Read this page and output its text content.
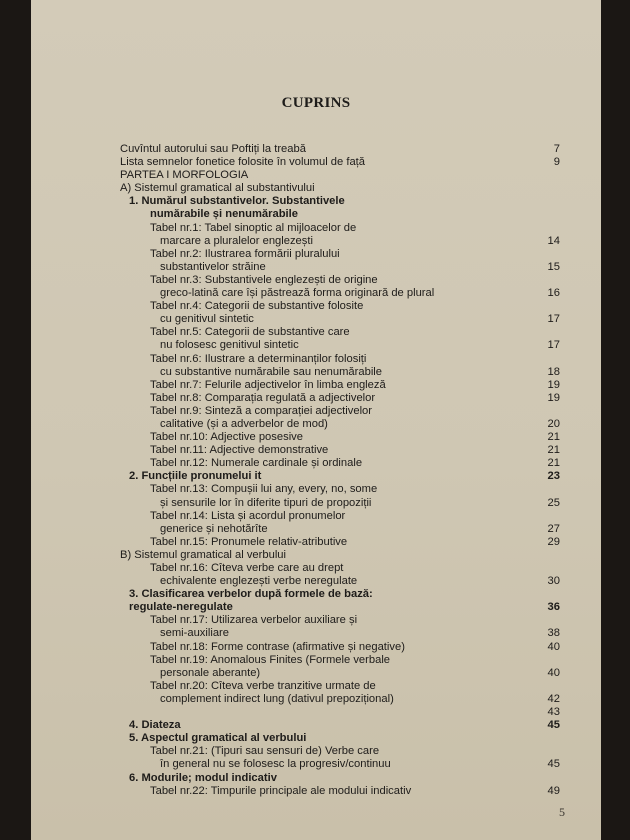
CUPRINS
Cuvîntul autorului sau Poftiți la treabă	7
Lista semnelor fonetice folosite în volumul de față	9
PARTEA I MORFOLOGIA
A) Sistemul gramatical al substantivului
1. Numărul substantivelor. Substantivele
numărabile și nenumărabile
Tabel nr.1: Tabel sinoptic al mijloacelor de
marcare a pluralelor englezești	14
Tabel nr.2: Ilustrarea formării pluralului
substantivelor străine	15
Tabel nr.3: Substantivele englezești de origine
greco-latină care își păstrează forma originară de plural	16
Tabel nr.4: Categorii de substantive folosite
cu genitivul sintetic	17
Tabel nr.5: Categorii de substantive care
nu folosesc genitivul sintetic	17
Tabel nr.6: Ilustrare a determinanților folosiți
cu substantive numărabile sau nenumărabile	18
Tabel nr.7: Felurile adjectivelor în limba engleză	19
Tabel nr.8: Comparația regulată a adjectivelor	19
Tabel nr.9: Sinteză a comparației adjectivelor
calitative (și a adverbelor de mod)	20
Tabel nr.10: Adjective posesive	21
Tabel nr.11: Adjective demonstrative	21
Tabel nr.12: Numerale cardinale și ordinale	21
2. Funcțiile pronumelui it	23
Tabel nr.13: Compușii lui any, every, no, some
și sensurile lor în diferite tipuri de propoziții	25
Tabel nr.14: Lista și acordul pronumelor
generice și nehotărîte	27
Tabel nr.15: Pronumele relativ-atributive	29
B) Sistemul gramatical al verbului
Tabel nr.16: Cîteva verbe care au drept
echivalente englezești verbe neregulate	30
3. Clasificarea verbelor după formele de bază:
regulate-neregulate	36
Tabel nr.17: Utilizarea verbelor auxiliare și
semi-auxiliare	38
Tabel nr.18: Forme contrase (afirmative și negative)	40
Tabel nr.19: Anomalous Finites (Formele verbale
personale aberante)	40
Tabel nr.20: Cîteva verbe tranzitive urmate de
complement indirect lung (dativul prepozițional)	42
43
4. Diateza	45
5. Aspectul gramatical al verbului
Tabel nr.21: (Tipuri sau sensuri de) Verbe care
în general nu se folosesc la progresiv/continuu	45
6. Modurile; modul indicativ
Tabel nr.22: Timpurile principale ale modului indicativ	49
5
